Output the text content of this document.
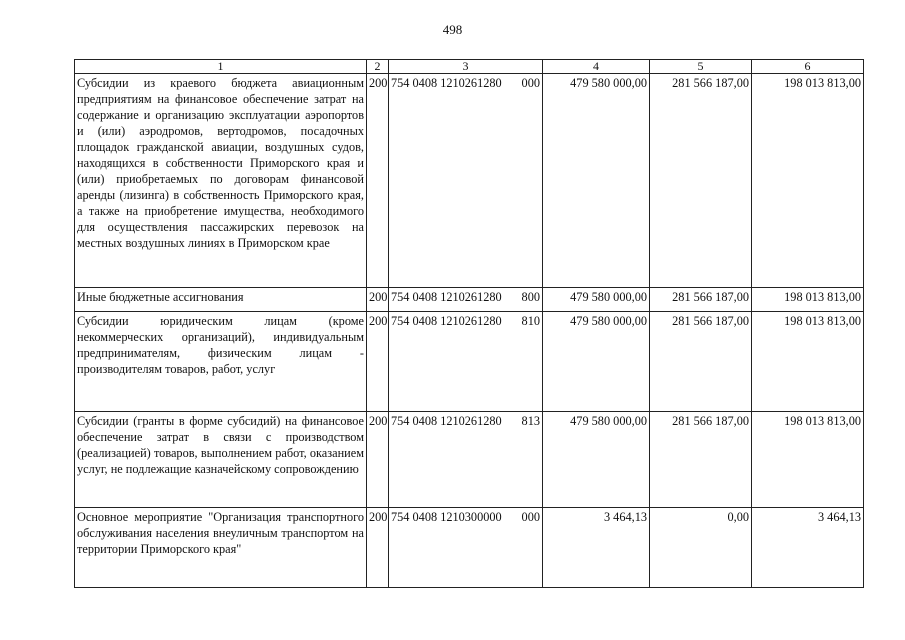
498
1	2	3	4	5	6
Субсидии из краевого бюджета авиационным предприятиям на финансовое обеспечение затрат на содержание и организацию эксплуатации аэропортов и (или) аэродромов, вертодромов, посадочных площадок гражданской авиации, воздушных судов, находящихся в собственности Приморского края и (или) приобретаемых по договорам финансовой аренды (лизинга) в собственность Приморского края, а также на приобретение имущества, необходимого для осуществления пассажирских перевозок на местных воздушных линиях в Приморском крае	200	754 0408 1210261280 000	479 580 000,00	281 566 187,00	198 013 813,00
Иные бюджетные ассигнования	200	754 0408 1210261280 800	479 580 000,00	281 566 187,00	198 013 813,00
Субсидии юридическим лицам (кроме некоммерческих организаций), индивидуальным предпринимателям, физическим лицам - производителям товаров, работ, услуг	200	754 0408 1210261280 810	479 580 000,00	281 566 187,00	198 013 813,00
Субсидии (гранты в форме субсидий) на финансовое обеспечение затрат в связи с производством (реализацией) товаров, выполнением работ, оказанием услуг, не подлежащие казначейскому сопровождению	200	754 0408 1210261280 813	479 580 000,00	281 566 187,00	198 013 813,00
Основное мероприятие "Организация транспортного обслуживания населения внеуличным транспортом на территории Приморского края"	200	754 0408 1210300000 000	3 464,13	0,00	3 464,13
